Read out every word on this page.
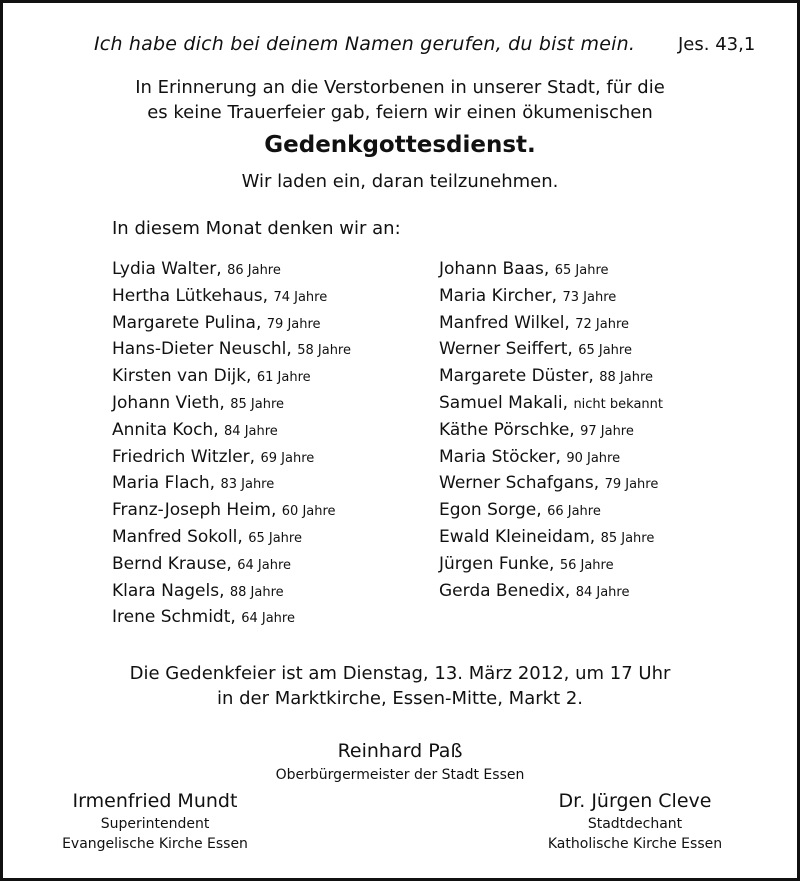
Ich habe dich bei deinem Namen gerufen, du bist mein. Jes. 43,1
In Erinnerung an die Verstorbenen in unserer Stadt, für die
es keine Trauerfeier gab, feiern wir einen ökumenischen
Gedenkgottesdienst.
Wir laden ein, daran teilzunehmen.
In diesem Monat denken wir an:
Lydia Walter, 86 Jahre
Hertha Lütkehaus, 74 Jahre
Margarete Pulina, 79 Jahre
Hans-Dieter Neuschl, 58 Jahre
Kirsten van Dijk, 61 Jahre
Johann Vieth, 85 Jahre
Annita Koch, 84 Jahre
Friedrich Witzler, 69 Jahre
Maria Flach, 83 Jahre
Franz-Joseph Heim, 60 Jahre
Manfred Sokoll, 65 Jahre
Bernd Krause, 64 Jahre
Klara Nagels, 88 Jahre
Irene Schmidt, 64 Jahre
Johann Baas, 65 Jahre
Maria Kircher, 73 Jahre
Manfred Wilkel, 72 Jahre
Werner Seiffert, 65 Jahre
Margarete Düster, 88 Jahre
Samuel Makali, nicht bekannt
Käthe Pörschke, 97 Jahre
Maria Stöcker, 90 Jahre
Werner Schafgans, 79 Jahre
Egon Sorge, 66 Jahre
Ewald Kleineidam, 85 Jahre
Jürgen Funke, 56 Jahre
Gerda Benedix, 84 Jahre
Die Gedenkfeier ist am Dienstag, 13. März 2012, um 17 Uhr
in der Marktkirche, Essen-Mitte, Markt 2.
Reinhard Paß
Oberbürgermeister der Stadt Essen
Irmenfried Mundt
Superintendent
Evangelische Kirche Essen
Dr. Jürgen Cleve
Stadtdechant
Katholische Kirche Essen
